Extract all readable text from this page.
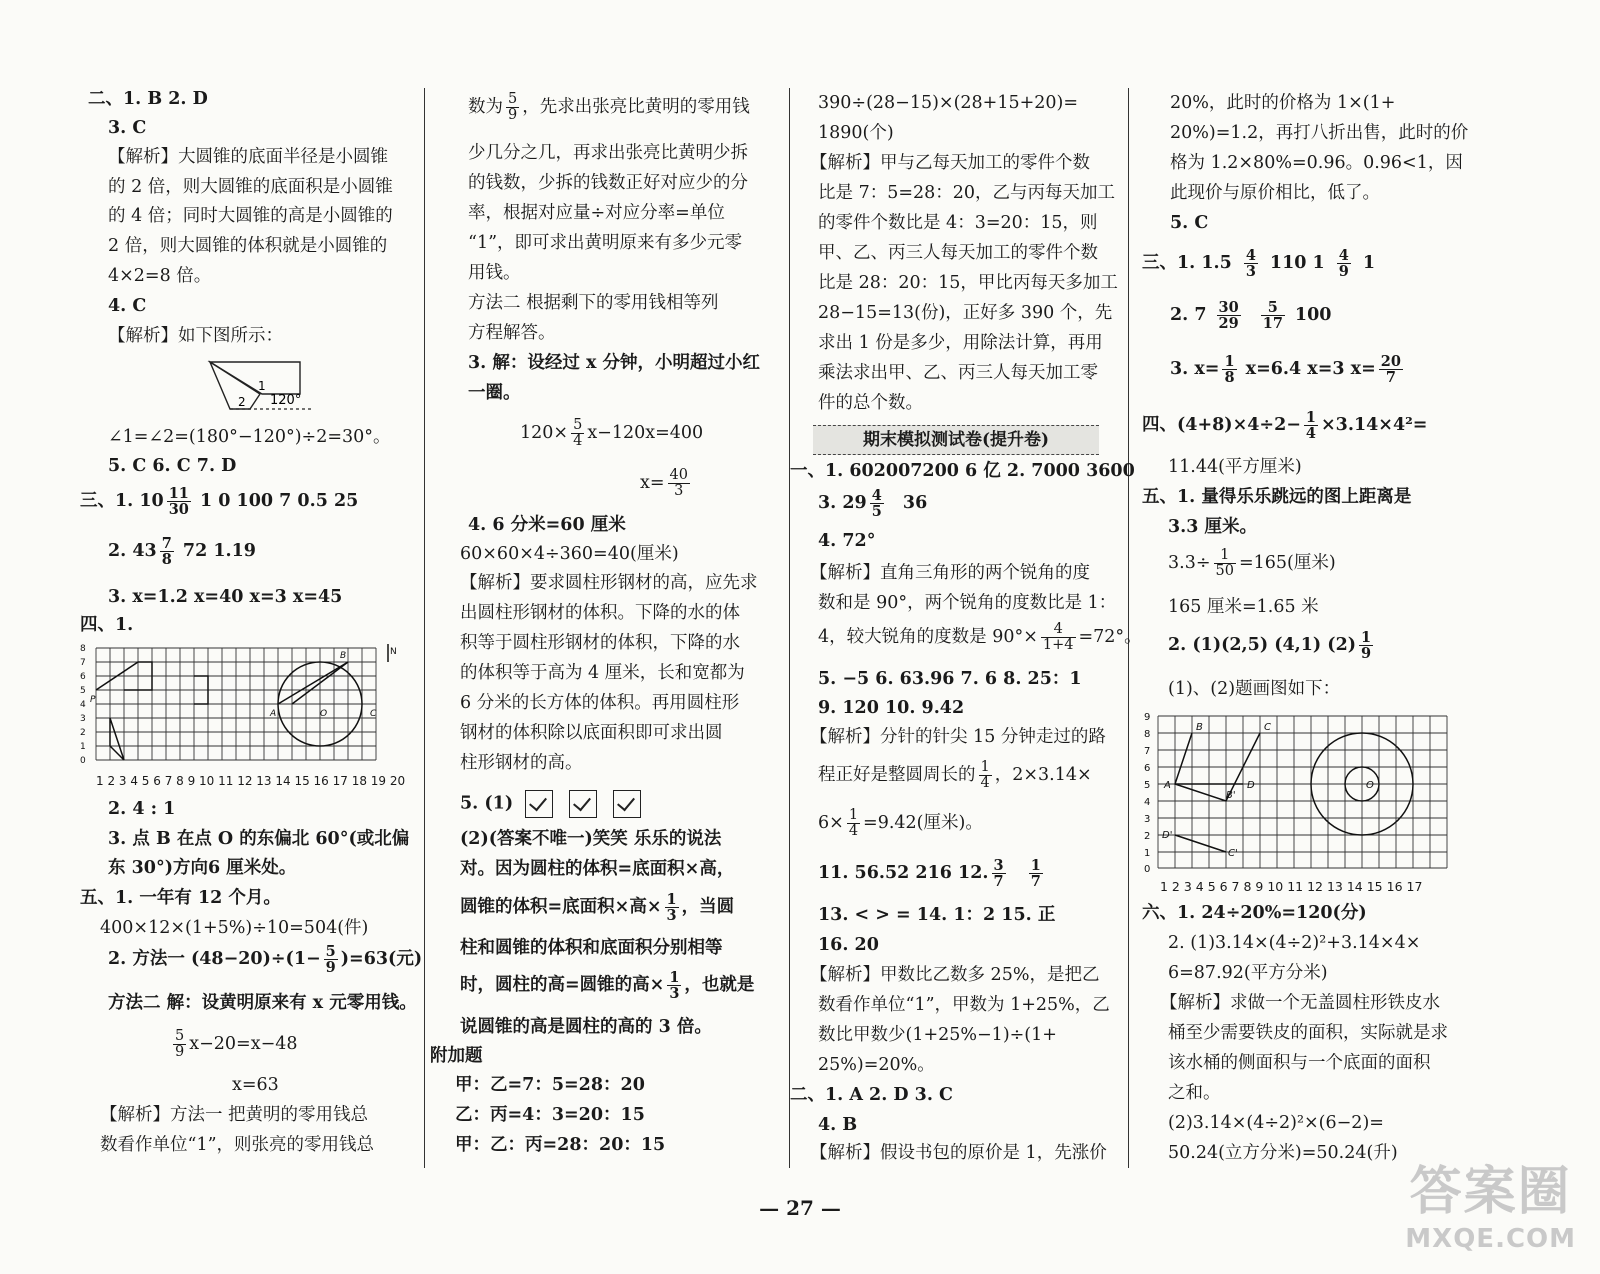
二、1. B 2. D
3. C
【解析】大圆锥的底面半径是小圆锥
的 2 倍，则大圆锥的底面积是小圆锥
的 4 倍；同时大圆锥的高是小圆锥的
2 倍，则大圆锥的体积就是小圆锥的
4×2=8 倍。
4. C
【解析】如下图所示：
120°
1
2
∠1=∠2=(180°−120°)÷2=30°。
5. C 6. C 7. D
三、1. $10 \frac{11}{30} 1$ 0 100 7 0.5 25
2. $43 \frac{7}{8} 72$ 1.19
3. x=1.2 x=40 x=3 x=45
四、1.
8
7
6
5
4
3
2
1
0
N
P
B
A	O	C
1 2 3 4 5 6 7 8 9 10 11 12 13 14 15 16 17 18 19 20
2. 4 : 1
3. 点 B 在点 O 的东偏北 60°(或北偏
东 30°)方向6 厘米处。
五、1. 一年有 12 个月。
400×12×(1+5%)÷10=504(件)
2. 方法一 $(48-20)\div(1- \frac{5}{9} )=63$(元)
方法二 解：设黄明原来有 x 元零用钱。
$\frac{5}{9} x-20=x-48$
x=63
【解析】方法一 把黄明的零用钱总
数看作单位“1”，则张亮的零用钱总
数为 $\frac{5}{9}$ ，先求出张亮比黄明的零用钱
少几分之几，再求出张亮比黄明少拆
的钱数，少拆的钱数正好对应少的分
率，根据对应量÷对应分率=单位
“1”，即可求出黄明原来有多少元零
用钱。
方法二 根据剩下的零用钱相等列
方程解答。
3. 解：设经过 x 分钟，小明超过小红
一圈。
$120\times \frac{5}{4} x-120x=400$
$x= \frac{40}{3}$
4. 6 分米=60 厘米
60×60×4÷360=40(厘米)
【解析】要求圆柱形钢材的高，应先求
出圆柱形钢材的体积。下降的水的体
积等于圆柱形钢材的体积，下降的水
的体积等于高为 4 厘米，长和宽都为
6 分米的长方体的体积。再用圆柱形
钢材的体积除以底面积即可求出圆
柱形钢材的高。
5. (1)
(2)(答案不唯一)笑笑 乐乐的说法
对。因为圆柱的体积=底面积×高，
圆锥的体积=底面积×高× $\frac{1}{3}$ ，当圆
柱和圆锥的体积和底面积分别相等
时，圆柱的高=圆锥的高× $\frac{1}{3}$ ，也就是
说圆锥的高是圆柱的高的 3 倍。
附加题
甲：乙=7：5=28：20
乙：丙=4：3=20：15
甲：乙：丙=28：20：15
390÷(28−15)×(28+15+20)=
1890(个)
【解析】甲与乙每天加工的零件个数
比是 7：5=28：20，乙与丙每天加工
的零件个数比是 4：3=20：15，则
甲、乙、丙三人每天加工的零件个数
比是 28：20：15，甲比丙每天多加工
28−15=13(份)，正好多 390 个，先
求出 1 份是多少，用除法计算，再用
乘法求出甲、乙、丙三人每天加工零
件的总个数。
期末模拟测试卷(提升卷)
一、1. 602007200 6 亿 2. 7000 3600
3. $29 \frac{4}{5} 36$
4. 72°
【解析】直角三角形的两个锐角的度
数和是 90°，两个锐角的度数比是 1：
4，较大锐角的度数是 $90^\circ\times \frac{4}{1+4} =72^\circ$。
5. −5 6. 63.96 7. 6 8. 25：1
9. 120 10. 9.42
【解析】分针的针尖 15 分钟走过的路
程正好是整圆周长的 $\frac{1}{4}$ ，2×3.14×
$6\times \frac{1}{4} =9.42$(厘米)。
11. 56.52 216 12. $\frac{3}{7}$
$\frac{1}{7}$
13. < > = 14. 1：2 15. 正
16. 20
【解析】甲数比乙数多 25%，是把乙
数看作单位“1”，甲数为 1+25%，乙
数比甲数少(1+25%−1)÷(1+
25%)=20%。
二、1. A 2. D 3. C
4. B
【解析】假设书包的原价是 1，先涨价
20%，此时的价格为 1×(1+
20%)=1.2，再打八折出售，此时的价
格为 1.2×80%=0.96。0.96<1，因
此现价与原价相比，低了。
5. C
三、1. $1.5 \frac{4}{3} 110$ $1 \frac{4}{9} 1$
2. $7 \frac{30}{29} \frac{5}{17} 100$
3. $x= \frac{1}{8} x=6.4$ x=3 $x= \frac{20}{7}$
四、$(4+8)\times 4\div 2- \frac{1}{4} \times 3.14\times 4^2=$
11.44(平方厘米)
五、1. 量得乐乐跳远的图上距离是
3.3 厘米。
$3.3\div \frac{1}{50} =165$(厘米)
165 厘米=1.65 米
2. (1)(2,5) (4,1) $(2) \frac{1}{9}$
(1)、(2)题画图如下：
9
8
7
6
5
4
3
2
1
0
B	C
A
B'
D	O
D'
C'
1 2 3 4 5 6 7 8 9 10 11 12 13 14 15 16 17
六、1. 24÷20%=120(分)
2. (1)3.14×(4÷2)²+3.14×4×
6=87.92(平方分米)
【解析】求做一个无盖圆柱形铁皮水
桶至少需要铁皮的面积，实际就是求
该水桶的侧面积与一个底面的面积
之和。
(2)3.14×(4÷2)²×(6−2)=
50.24(立方分米)=50.24(升)
— 27 —	答案圈
MXQE.COM
